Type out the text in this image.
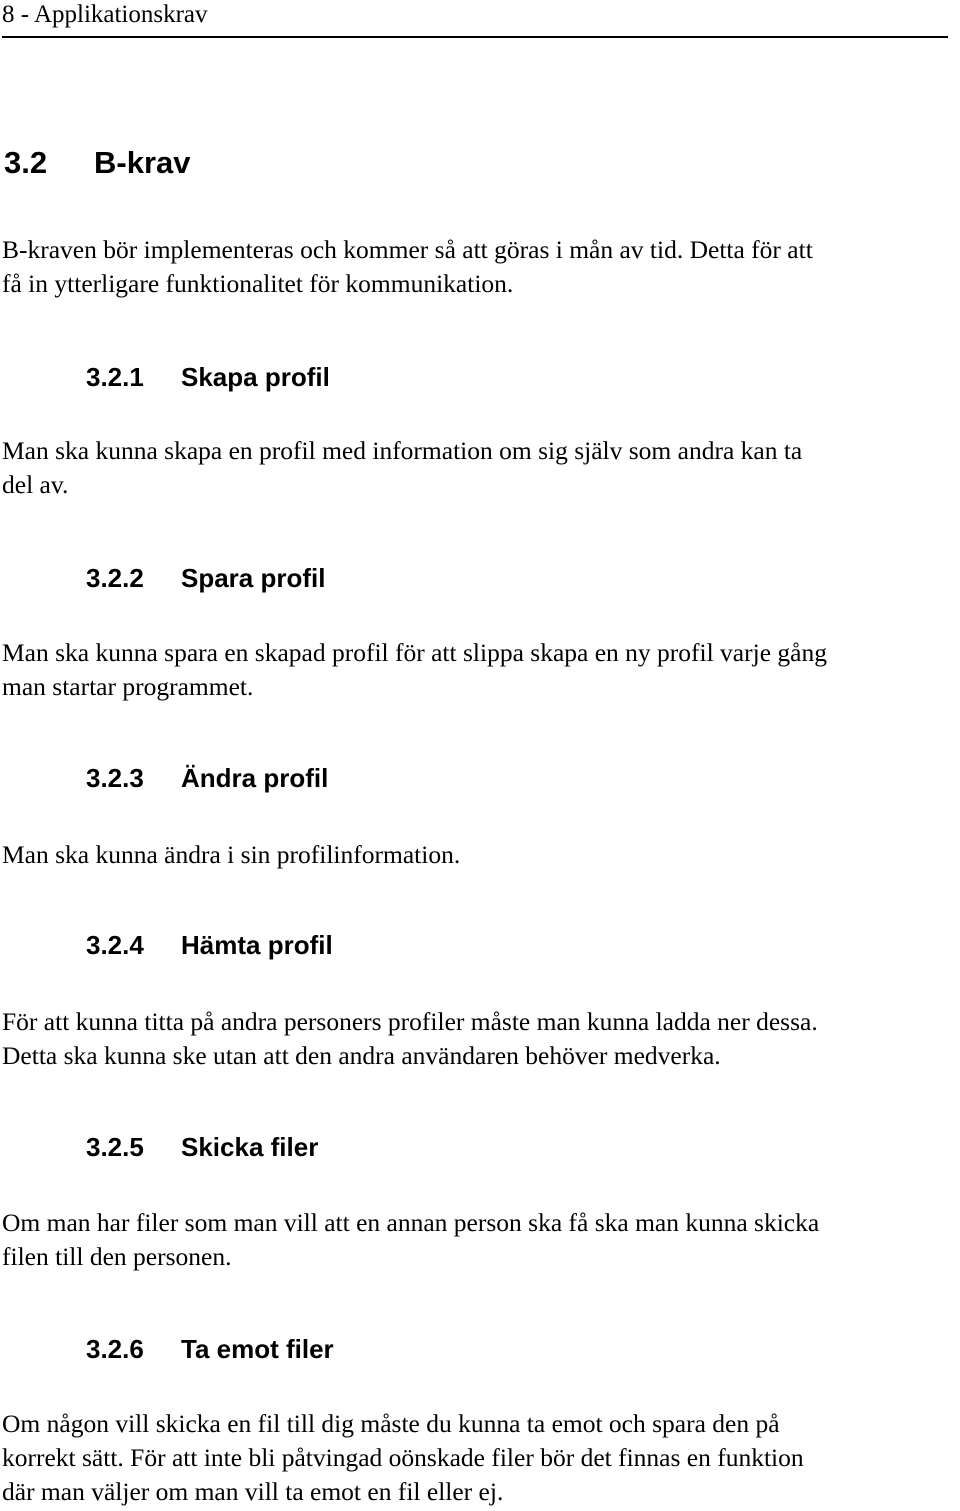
8 - Applikationskrav
3.2 B-krav
B-kraven bör implementeras och kommer så att göras i mån av tid. Detta för att
få in ytterligare funktionalitet för kommunikation.
3.2.1 Skapa profil
Man ska kunna skapa en profil med information om sig själv som andra kan ta
del av.
3.2.2 Spara profil
Man ska kunna spara en skapad profil för att slippa skapa en ny profil varje gång
man startar programmet.
3.2.3 Ändra profil
Man ska kunna ändra i sin profilinformation.
3.2.4 Hämta profil
För att kunna titta på andra personers profiler måste man kunna ladda ner dessa.
Detta ska kunna ske utan att den andra användaren behöver medverka.
3.2.5 Skicka filer
Om man har filer som man vill att en annan person ska få ska man kunna skicka
filen till den personen.
3.2.6 Ta emot filer
Om någon vill skicka en fil till dig måste du kunna ta emot och spara den på
korrekt sätt. För att inte bli påtvingad oönskade filer bör det finnas en funktion
där man väljer om man vill ta emot en fil eller ej.
